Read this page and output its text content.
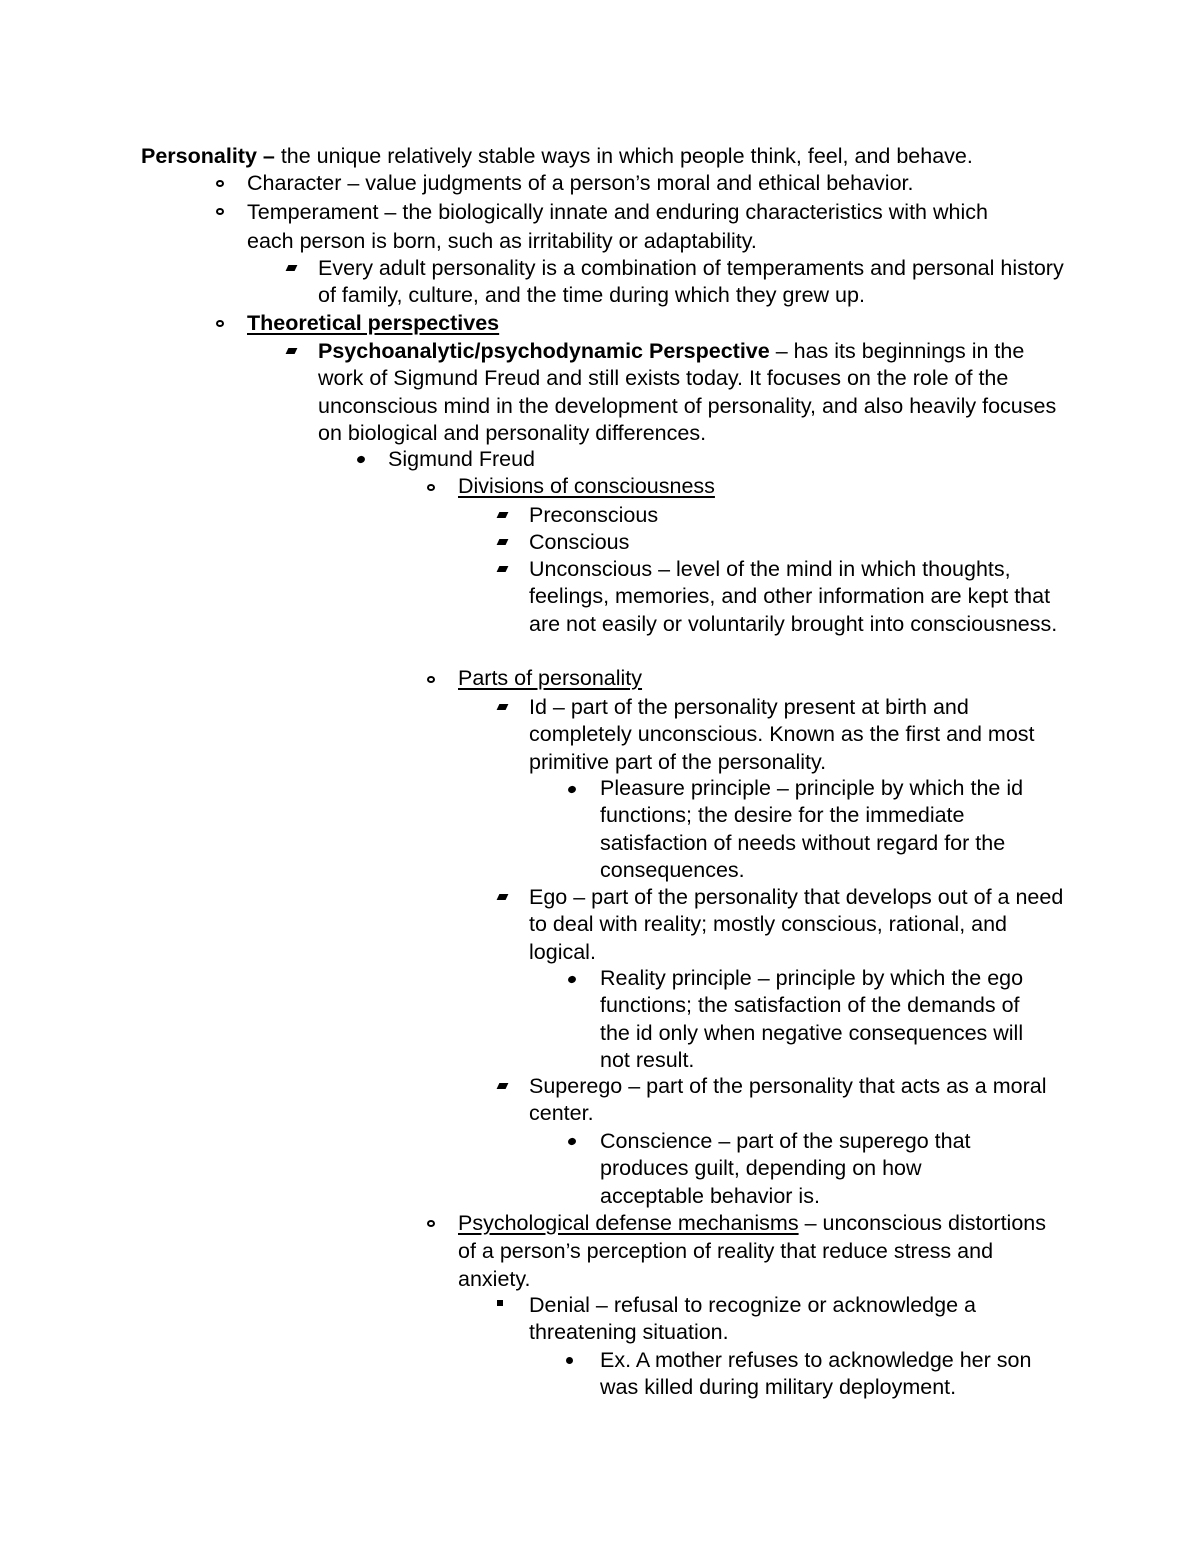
Personality – the unique relatively stable ways in which people think, feel, and behave.

Character – value judgments of a person’s moral and ethical behavior.

Temperament – the biologically innate and enduring characteristics with which each person is born, such as irritability or adaptability.

Every adult personality is a combination of temperaments and personal history of family, culture, and the time during which they grew up.

Theoretical perspectives

Psychoanalytic/psychodynamic Perspective – has its beginnings in the work of Sigmund Freud and still exists today. It focuses on the role of the unconscious mind in the development of personality, and also heavily focuses on biological and personality differences.

Sigmund Freud

Divisions of consciousness

Preconscious

Conscious

Unconscious – level of the mind in which thoughts, feelings, memories, and other information are kept that are not easily or voluntarily brought into consciousness.

Parts of personality

Id – part of the personality present at birth and completely unconscious. Known as the first and most primitive part of the personality.

Pleasure principle – principle by which the id functions; the desire for the immediate satisfaction of needs without regard for the consequences.

Ego – part of the personality that develops out of a need to deal with reality; mostly conscious, rational, and logical.

Reality principle – principle by which the ego functions; the satisfaction of the demands of the id only when negative consequences will not result.

Superego – part of the personality that acts as a moral center.

Conscience – part of the superego that produces guilt, depending on how acceptable behavior is.

Psychological defense mechanisms – unconscious distortions of a person’s perception of reality that reduce stress and anxiety.

Denial – refusal to recognize or acknowledge a threatening situation.

Ex. A mother refuses to acknowledge her son was killed during military deployment.
